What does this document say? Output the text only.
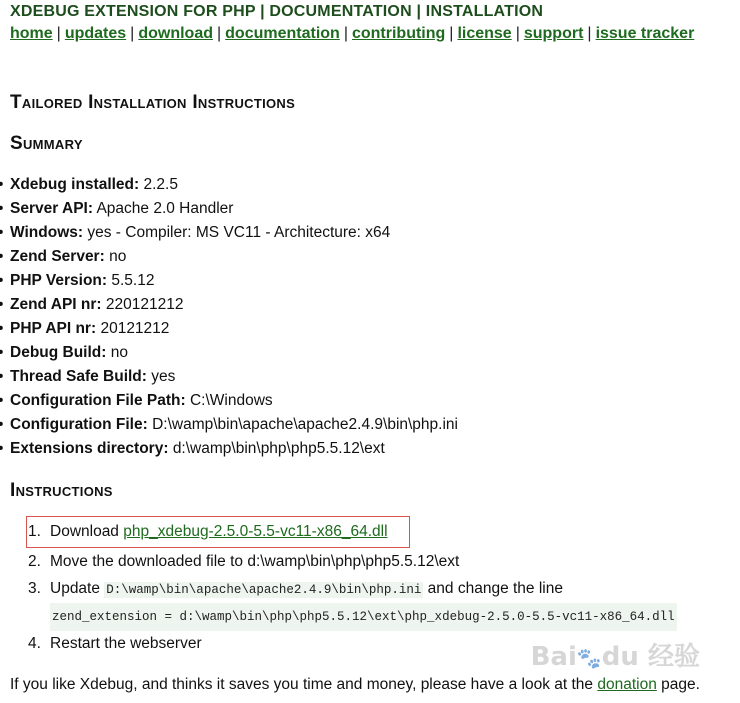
XDEBUG EXTENSION FOR PHP | DOCUMENTATION | INSTALLATION
home | updates | download | documentation | contributing | license | support | issue tracker
Tailored Installation Instructions
Summary
• Xdebug installed: 2.2.5
• Server API: Apache 2.0 Handler
• Windows: yes - Compiler: MS VC11 - Architecture: x64
• Zend Server: no
• PHP Version: 5.5.12
• Zend API nr: 220121212
• PHP API nr: 20121212
• Debug Build: no
• Thread Safe Build: yes
• Configuration File Path: C:\Windows
• Configuration File: D:\wamp\bin\apache\apache2.4.9\bin\php.ini
• Extensions directory: d:\wamp\bin\php\php5.5.12\ext
Instructions
1. Download php_xdebug-2.5.0-5.5-vc11-x86_64.dll
2. Move the downloaded file to d:\wamp\bin\php\php5.5.12\ext
3. Update D:\wamp\bin\apache\apache2.4.9\bin\php.ini and change the line
zend_extension = d:\wamp\bin\php\php5.5.12\ext\php_xdebug-2.5.0-5.5-vc11-x86_64.dll
4. Restart the webserver
If you like Xdebug, and thinks it saves you time and money, please have a look at the donation page.
Bai🐾du 经验
